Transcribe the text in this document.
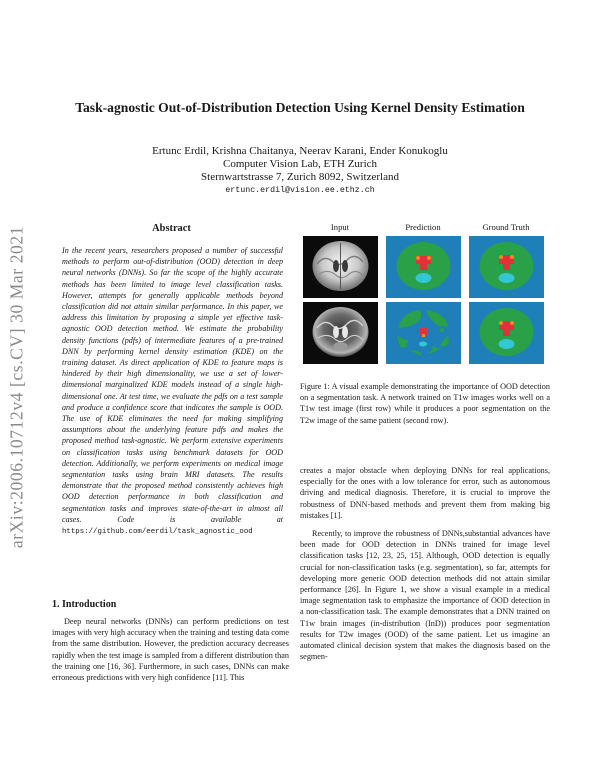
arXiv:2006.10712v4 [cs.CV] 30 Mar 2021
Task-agnostic Out-of-Distribution Detection Using Kernel Density Estimation
Ertunc Erdil, Krishna Chaitanya, Neerav Karani, Ender Konukoglu
Computer Vision Lab, ETH Zurich
Sternwartstrasse 7, Zurich 8092, Switzerland
ertunc.erdil@vision.ee.ethz.ch
Abstract
In the recent years, researchers proposed a number of successful methods to perform out-of-distribution (OOD) detection in deep neural networks (DNNs). So far the scope of the highly accurate methods has been limited to image level classification tasks. However, attempts for generally applicable methods beyond classification did not attain similar performance. In this paper, we address this limitation by proposing a simple yet effective task-agnostic OOD detection method. We estimate the probability density functions (pdfs) of intermediate features of a pre-trained DNN by performing kernel density estimation (KDE) on the training dataset. As direct application of KDE to feature maps is hindered by their high dimensionality, we use a set of lower-dimensional marginalized KDE models instead of a single high-dimensional one. At test time, we evaluate the pdfs on a test sample and produce a confidence score that indicates the sample is OOD. The use of KDE eliminates the need for making simplifying assumptions about the underlying feature pdfs and makes the proposed method task-agnostic. We perform extensive experiments on classification tasks using benchmark datasets for OOD detection. Additionally, we perform experiments on medical image segmentation tasks using brain MRI datasets. The results demonstrate that the proposed method consistently achieves high OOD detection performance in both classification and segmentation tasks and improves state-of-the-art in almost all cases. Code is available at https://github.com/eerdil/task_agnostic_ood
1. Introduction

Deep neural networks (DNNs) can perform predictions on test images with very high accuracy when the training and testing data come from the same distribution. However, the prediction accuracy decreases rapidly when the test image is sampled from a different distribution than the training one [16, 36]. Furthermore, in such cases, DNNs can make erroneous predictions with very high confidence [11]. This

Input	Prediction	Ground Truth
Figure 1: A visual example demonstrating the importance of OOD detection on a segmentation task. A network trained on T1w images works well on a T1w test image (first row) while it produces a poor segmentation on the T2w image of the same patient (second row).

creates a major obstacle when deploying DNNs for real applications, especially for the ones with a low tolerance for error, such as autonomous driving and medical diagnosis. Therefore, it is crucial to improve the robustness of DNN-based methods and prevent them from making big mistakes [1].

Recently, to improve the robustness of DNNs,substantial advances have been made for OOD detection in DNNs trained for image level classification tasks [12, 23, 25, 15]. Although, OOD detection is equally crucial for non-classification tasks (e.g. segmentation), so far, attempts for developing more generic OOD detection methods did not attain similar performance [26]. In Figure 1, we show a visual example in a medical image segmentation task to emphasize the importance of OOD detection in a non-classification task. The example demonstrates that a DNN trained on T1w brain images (in-distribution (InD)) produces poor segmentation results for T2w images (OOD) of the same patient. Let us imagine an automated clinical decision system that makes the diagnosis based on the segmen-
